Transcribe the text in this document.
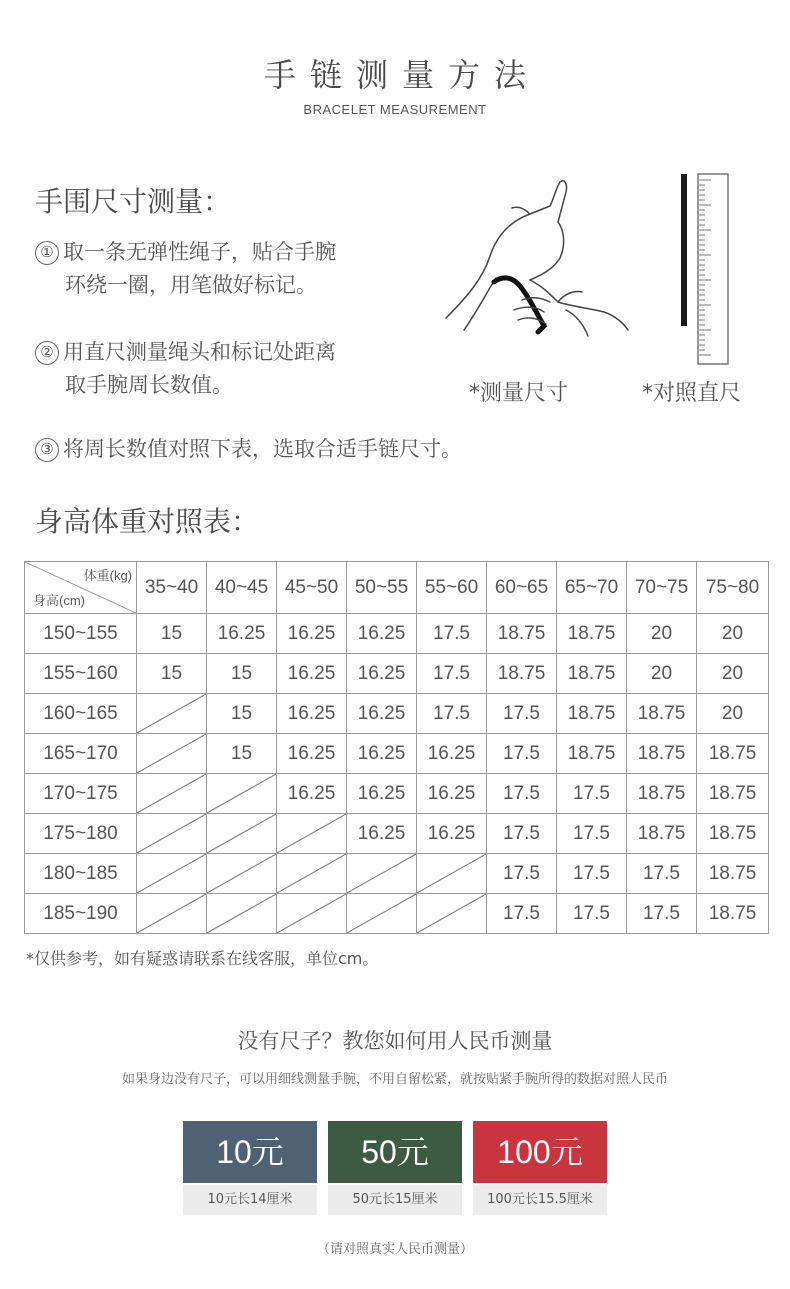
手链测量方法
BRACELET MEASUREMENT
手围尺寸测量：
① 取一条无弹性绳子，贴合手腕
环绕一圈，用笔做好标记。
② 用直尺测量绳头和标记处距离
取手腕周长数值。
③ 将周长数值对照下表，选取合适手链尺寸。
*测量尺寸	*对照直尺
身高体重对照表：
体重(kg)
身高(cm)	35~40	40~45	45~50	50~55	55~60	60~65	65~70	70~75	75~80
150~155	15	16.25	16.25	16.25	17.5	18.75	18.75	20	20
155~160	15	15	16.25	16.25	17.5	18.75	18.75	20	20
160~165		15	16.25	16.25	17.5	17.5	18.75	18.75	20
165~170		15	16.25	16.25	16.25	17.5	18.75	18.75	18.75
170~175			16.25	16.25	16.25	17.5	17.5	18.75	18.75
175~180				16.25	16.25	17.5	17.5	18.75	18.75
180~185						17.5	17.5	17.5	18.75
185~190						17.5	17.5	17.5	18.75
*仅供参考，如有疑惑请联系在线客服，单位cm。
没有尺子？教您如何用人民币测量
如果身边没有尺子，可以用细线测量手腕，不用自留松紧，就按贴紧手腕所得的数据对照人民币
10元
10元长14厘米
50元
50元长15厘米
100元
100元长15.5厘米
（请对照真实人民币测量）
